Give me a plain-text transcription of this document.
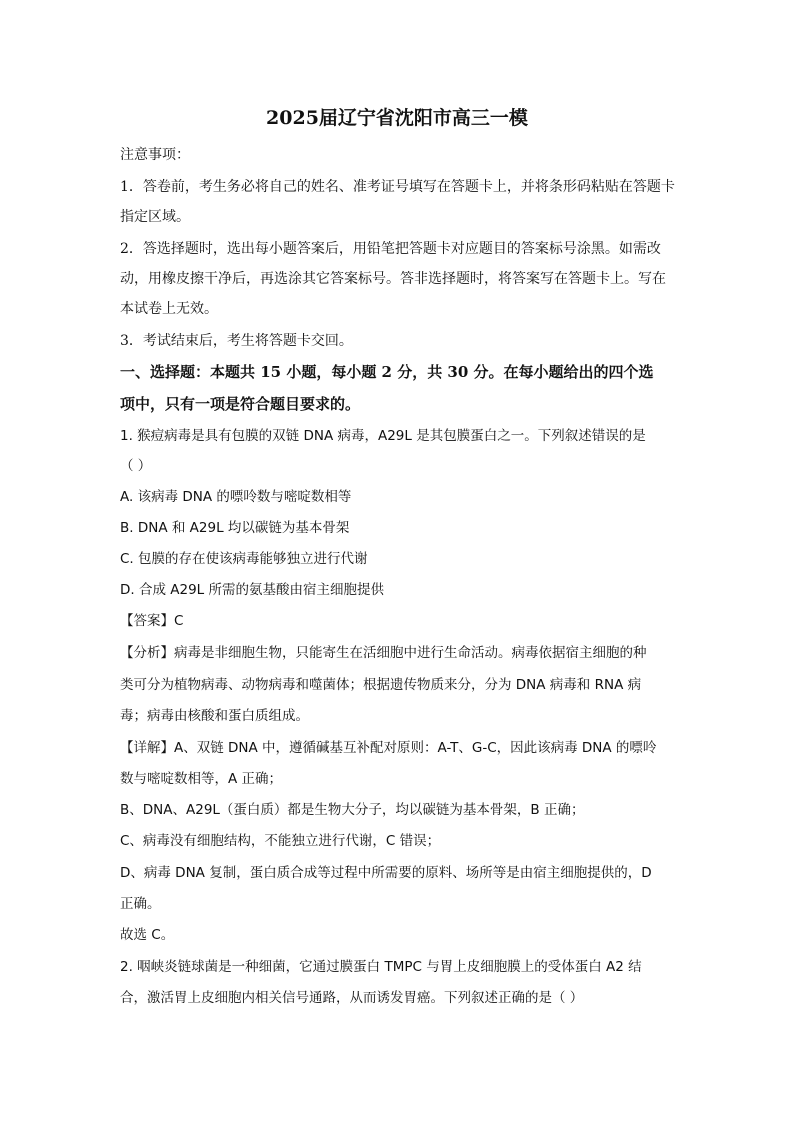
2025届辽宁省沈阳市高三一模
注意事项：
1．答卷前，考生务必将自己的姓名、准考证号填写在答题卡上，并将条形码粘贴在答题卡
指定区域。
2．答选择题时，选出每小题答案后，用铅笔把答题卡对应题目的答案标号涂黑。如需改
动，用橡皮擦干净后，再选涂其它答案标号。答非选择题时，将答案写在答题卡上。写在
本试卷上无效。
3．考试结束后，考生将答题卡交回。
一、选择题：本题共 15 小题，每小题 2 分，共 30 分。在每小题给出的四个选
项中，只有一项是符合题目要求的。
1. 猴痘病毒是具有包膜的双链 DNA 病毒，A29L 是其包膜蛋白之一。下列叙述错误的是
（ ）
A. 该病毒 DNA 的嘌呤数与嘧啶数相等
B. DNA 和 A29L 均以碳链为基本骨架
C. 包膜的存在使该病毒能够独立进行代谢
D. 合成 A29L 所需的氨基酸由宿主细胞提供
【答案】C
【分析】病毒是非细胞生物，只能寄生在活细胞中进行生命活动。病毒依据宿主细胞的种
类可分为植物病毒、动物病毒和噬菌体；根据遗传物质来分，分为 DNA 病毒和 RNA 病
毒；病毒由核酸和蛋白质组成。
【详解】A、双链 DNA 中，遵循碱基互补配对原则：A-T、G-C，因此该病毒 DNA 的嘌呤
数与嘧啶数相等，A 正确；
B、DNA、A29L（蛋白质）都是生物大分子，均以碳链为基本骨架，B 正确；
C、病毒没有细胞结构，不能独立进行代谢，C 错误；
D、病毒 DNA 复制，蛋白质合成等过程中所需要的原料、场所等是由宿主细胞提供的，D
正确。
故选 C。
2. 咽峡炎链球菌是一种细菌，它通过膜蛋白 TMPC 与胃上皮细胞膜上的受体蛋白 A2 结
合，激活胃上皮细胞内相关信号通路，从而诱发胃癌。下列叙述正确的是（ ）
